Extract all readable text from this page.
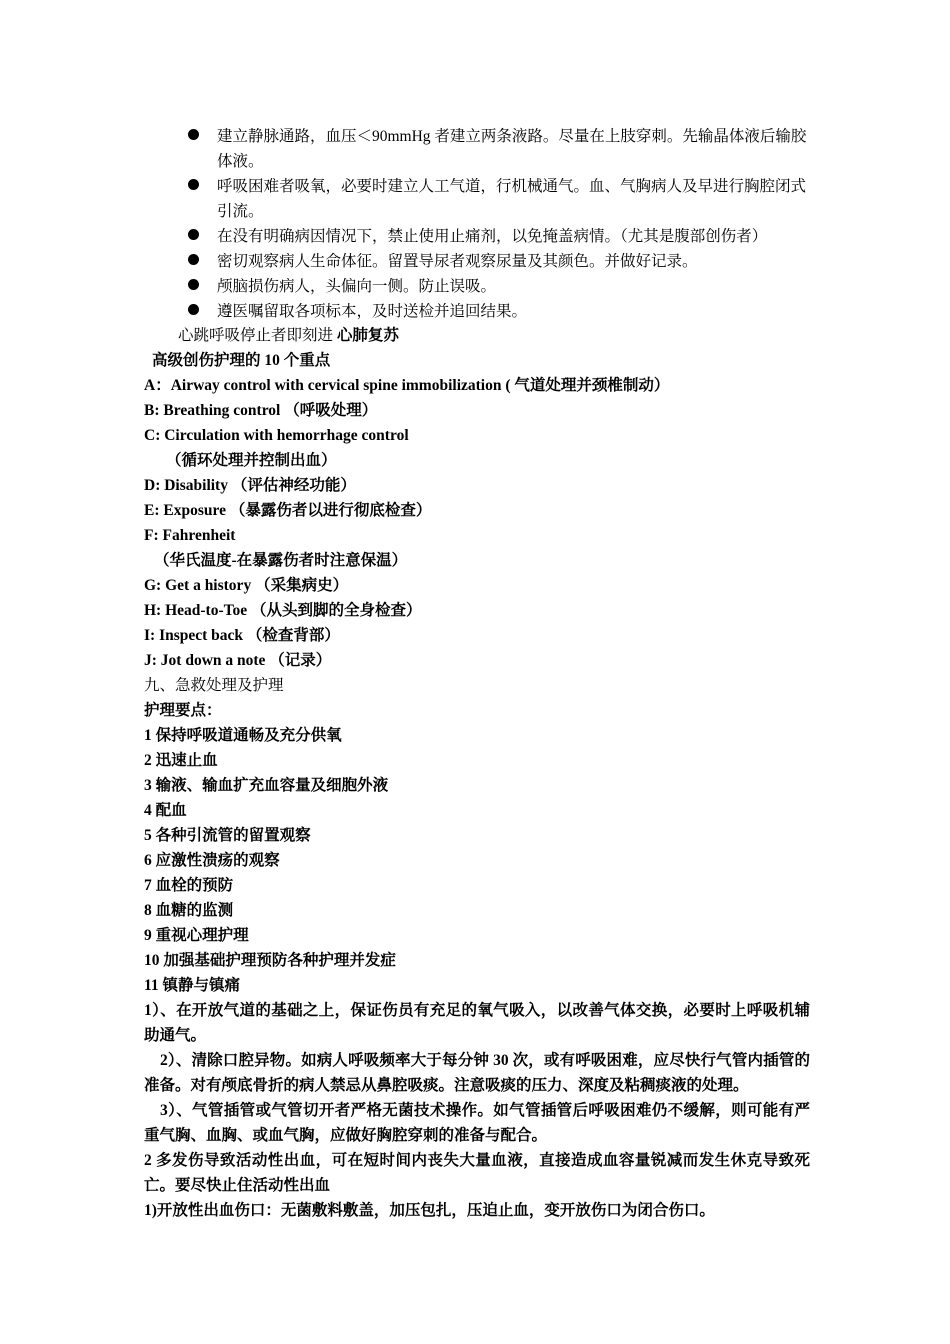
建立静脉通路，血压＜90mmHg 者建立两条液路。尽量在上肢穿刺。先输晶体液后输胶体液。
呼吸困难者吸氧，必要时建立人工气道，行机械通气。血、气胸病人及早进行胸腔闭式引流。
在没有明确病因情况下，禁止使用止痛剂，以免掩盖病情。（尤其是腹部创伤者）
密切观察病人生命体征。留置导尿者观察尿量及其颜色。并做好记录。
颅脑损伤病人，头偏向一侧。防止误吸。
遵医嘱留取各项标本，及时送检并追回结果。
心跳呼吸停止者即刻进 心肺复苏
高级创伤护理的 10 个重点
A：Airway control with cervical spine immobilization ( 气道处理并颈椎制动）
B: Breathing control （呼吸处理）
C: Circulation with hemorrhage control
（循环处理并控制出血）
D: Disability （评估神经功能）
E: Exposure （暴露伤者以进行彻底检查）
F: Fahrenheit
（华氏温度-在暴露伤者时注意保温）
G: Get a history （采集病史）
H: Head-to-Toe （从头到脚的全身检查）
I: Inspect back （检查背部）
J: Jot down a note （记录）
九、急救处理及护理
护理要点：
1 保持呼吸道通畅及充分供氧
2 迅速止血
3 输液、输血扩充血容量及细胞外液
4 配血
5 各种引流管的留置观察
6 应激性溃疡的观察
7 血栓的预防
8 血糖的监测
9 重视心理护理
10 加强基础护理预防各种护理并发症
11 镇静与镇痛
1）、在开放气道的基础之上，保证伤员有充足的氧气吸入，以改善气体交换，必要时上呼吸机辅助通气。
2）、清除口腔异物。如病人呼吸频率大于每分钟 30 次，或有呼吸困难，应尽快行气管内插管的准备。对有颅底骨折的病人禁忌从鼻腔吸痰。注意吸痰的压力、深度及粘稠痰液的处理。
3）、气管插管或气管切开者严格无菌技术操作。如气管插管后呼吸困难仍不缓解，则可能有严重气胸、血胸、或血气胸，应做好胸腔穿刺的准备与配合。
2 多发伤导致活动性出血，可在短时间内丧失大量血液，直接造成血容量锐减而发生休克导致死亡。要尽快止住活动性出血
1)开放性出血伤口：无菌敷料敷盖，加压包扎，压迫止血，变开放伤口为闭合伤口。
